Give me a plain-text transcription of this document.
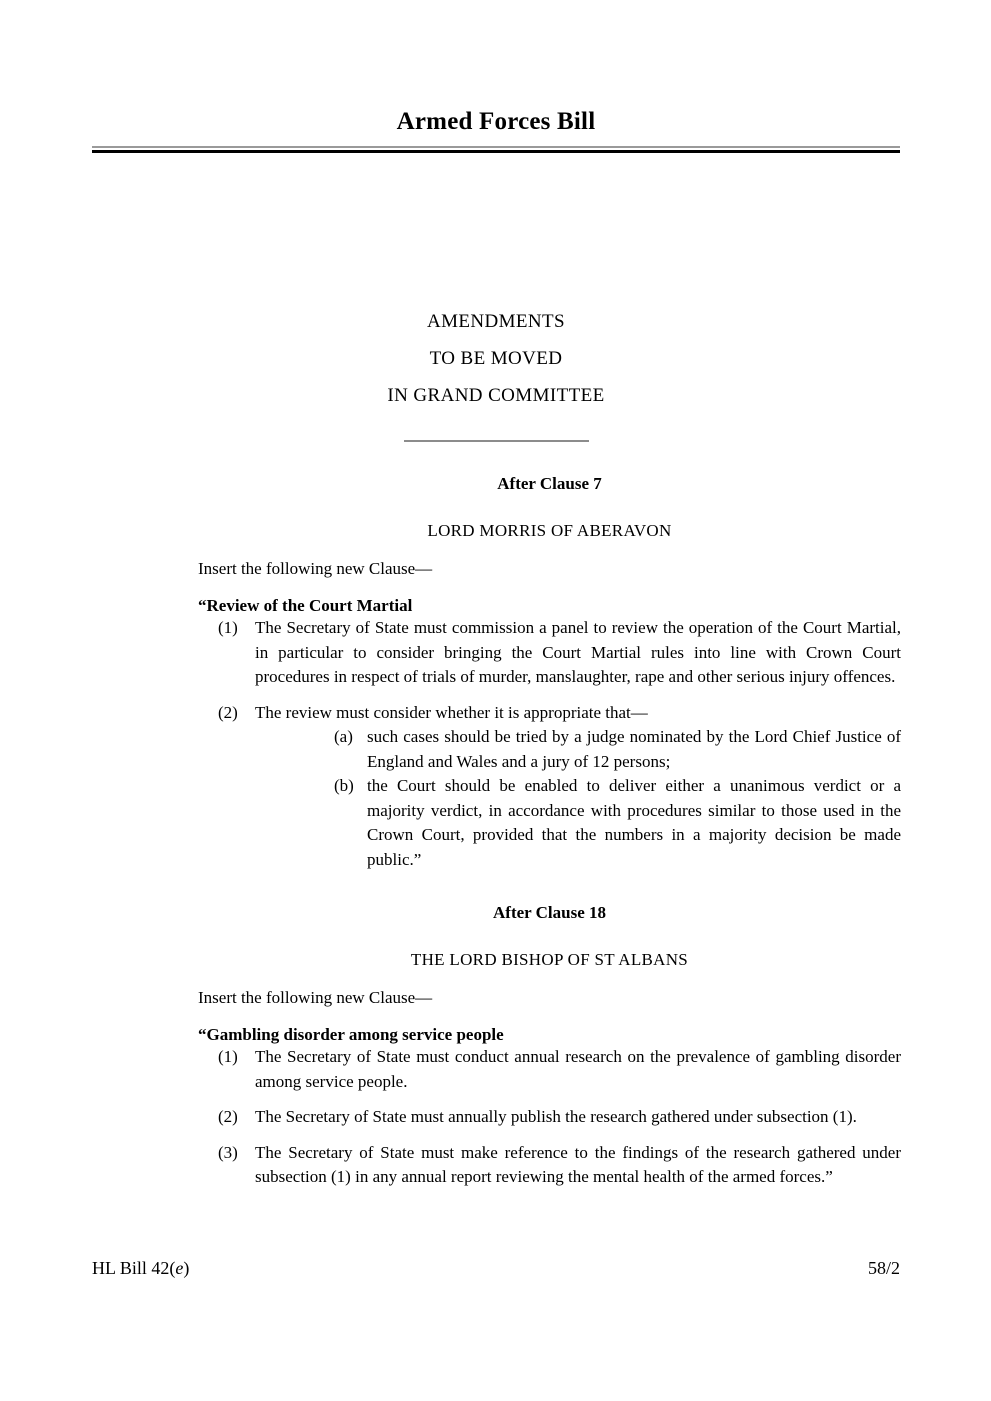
Armed Forces Bill
AMENDMENTS
TO BE MOVED
IN GRAND COMMITTEE

After Clause 7

LORD MORRIS OF ABERAVON

Insert the following new Clause—

“Review of the Court Martial

(1)	The Secretary of State must commission a panel to review the operation of the Court Martial, in particular to consider bringing the Court Martial rules into line with Crown Court procedures in respect of trials of murder, manslaughter, rape and other serious injury offences.
(2)	The review must consider whether it is appropriate that—
(a) such cases should be tried by a judge nominated by the Lord Chief Justice of England and Wales and a jury of 12 persons;
(b) the Court should be enabled to deliver either a unanimous verdict or a majority verdict, in accordance with procedures similar to those used in the Crown Court, provided that the numbers in a majority decision be made public.”

After Clause 18

THE LORD BISHOP OF ST ALBANS

Insert the following new Clause—

“Gambling disorder among service people

(1)	The Secretary of State must conduct annual research on the prevalence of gambling disorder among service people.
(2)	The Secretary of State must annually publish the research gathered under subsection (1).
(3)	The Secretary of State must make reference to the findings of the research gathered under subsection (1) in any annual report reviewing the mental health of the armed forces.”
HL Bill 42(e)	58/2
